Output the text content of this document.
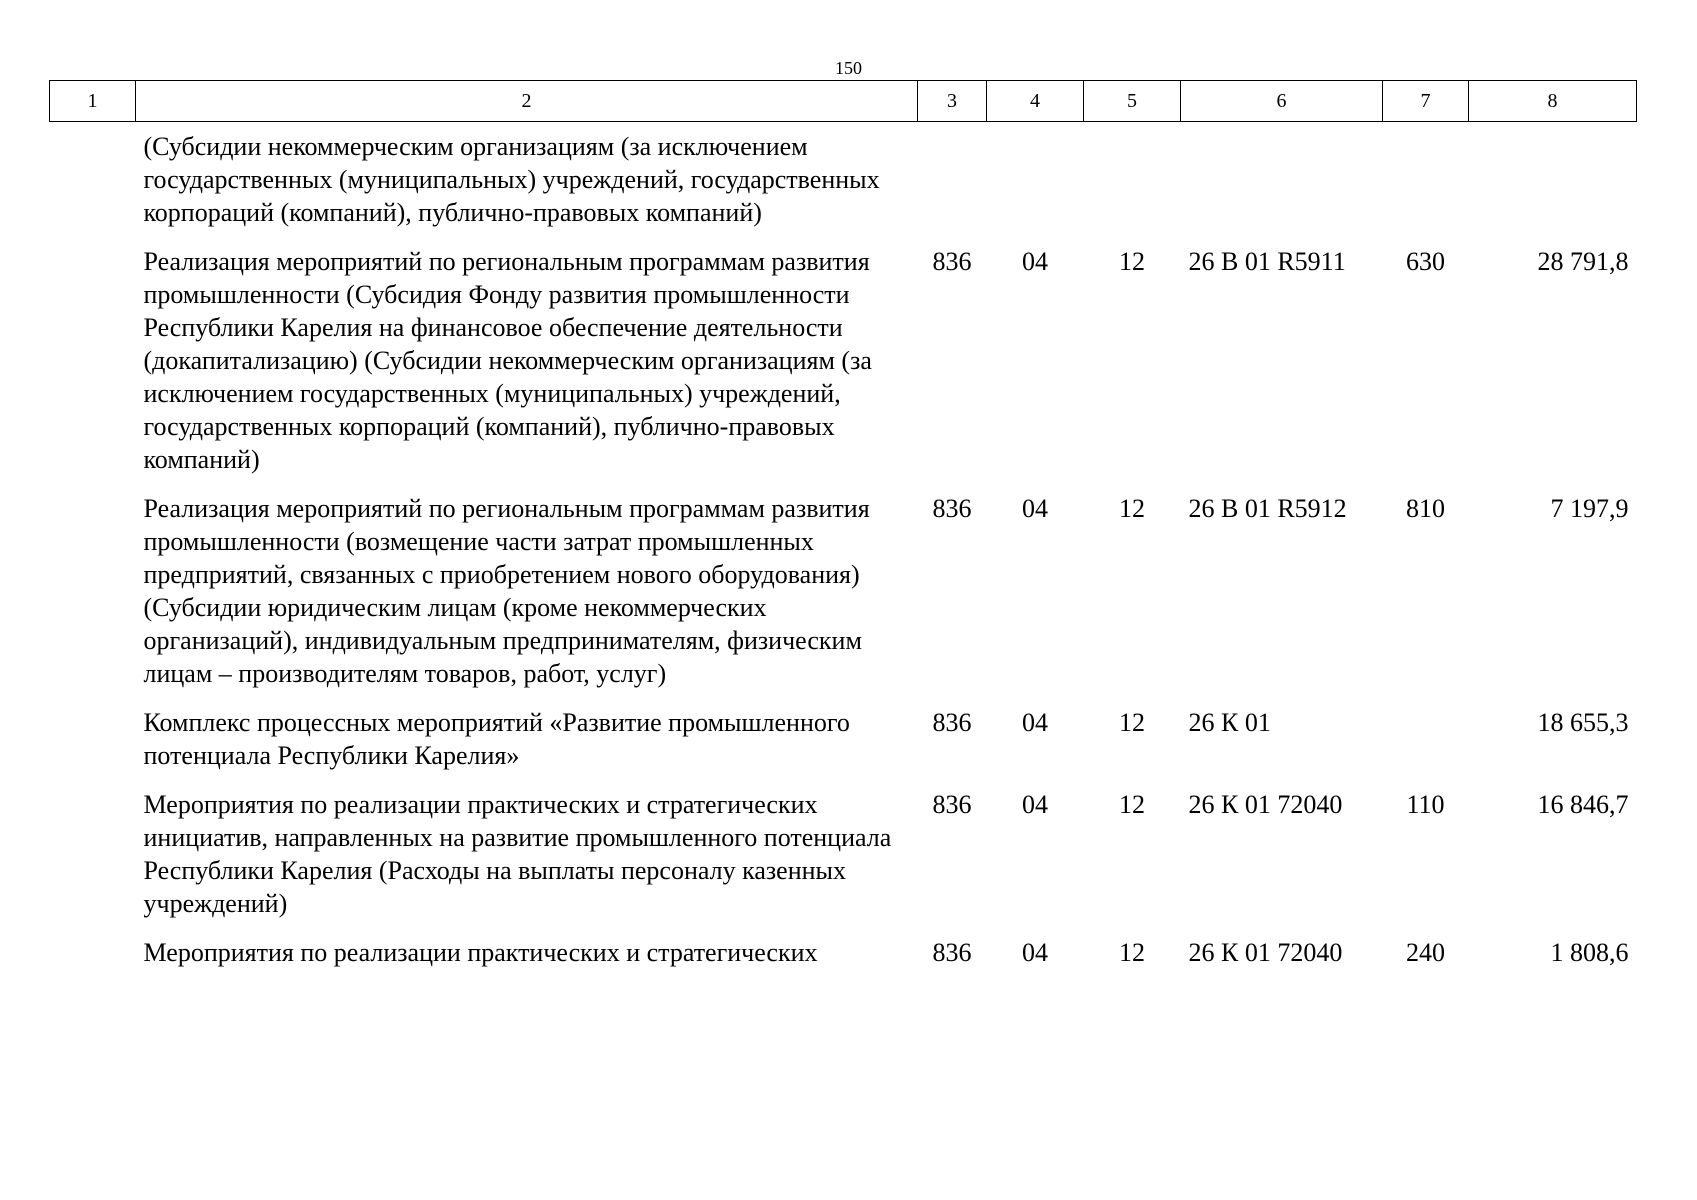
150
1	2	3	4	5	6	7	8
	(Субсидии некоммерческим организациям (за исключением государственных (муниципальных) учреждений, государственных корпораций (компаний), публично-правовых компаний)						
	Реализация мероприятий по региональным программам развития промышленности (Субсидия Фонду развития промышленности Республики Карелия на финансовое обеспечение деятельности (докапитализацию) (Субсидии некоммерческим организациям (за исключением государственных (муниципальных) учреждений, государственных корпораций (компаний), публично-правовых компаний)	836	04	12	26 В 01 R5911	630	28 791,8
	Реализация мероприятий по региональным программам развития промышленности (возмещение части затрат промышленных предприятий, связанных с приобретением нового оборудования) (Субсидии юридическим лицам (кроме некоммерческих организаций), индивидуальным предпринимателям, физическим лицам – производителям товаров, работ, услуг)	836	04	12	26 В 01 R5912	810	7 197,9
	Комплекс процессных мероприятий «Развитие промышленного потенциала Республики Карелия»	836	04	12	26 К 01		18 655,3
	Мероприятия по реализации практических и стратегических инициатив, направленных на развитие промышленного потенциала Республики Карелия (Расходы на выплаты персоналу казенных учреждений)	836	04	12	26 К 01 72040	110	16 846,7
	Мероприятия по реализации практических и стратегических	836	04	12	26 К 01 72040	240	1 808,6
